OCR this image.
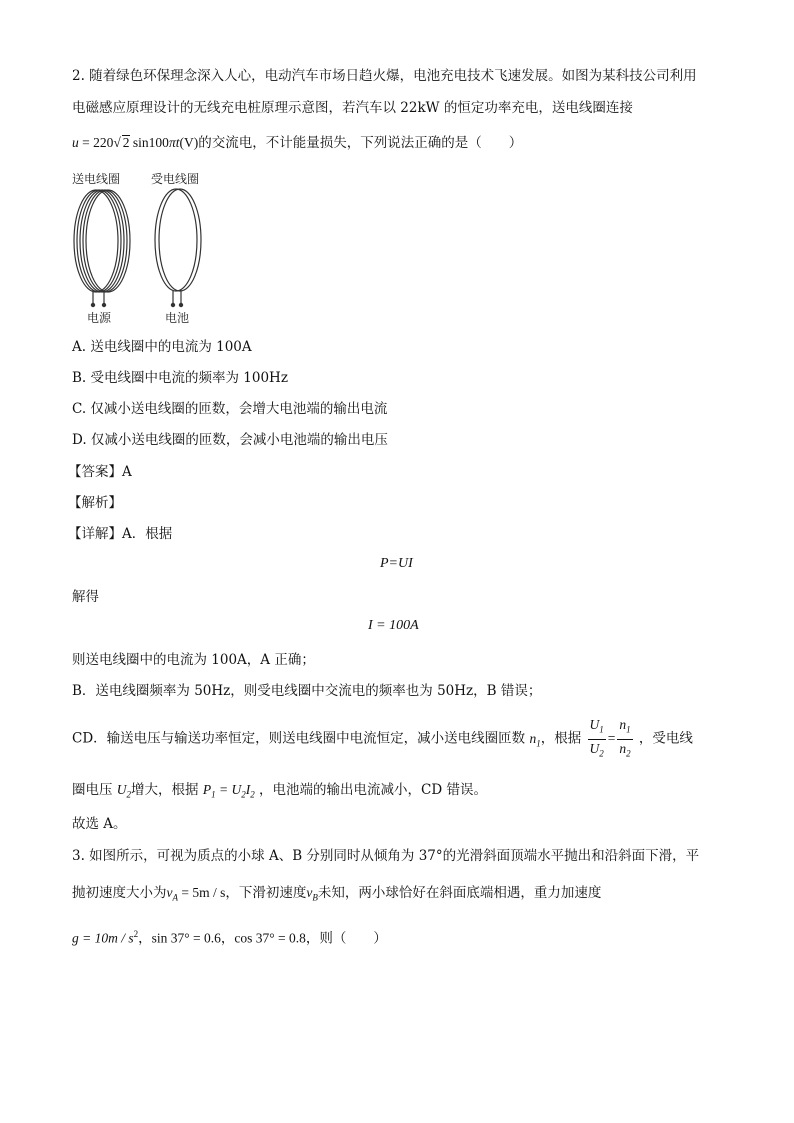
2. 随着绿色环保理念深入人心，电动汽车市场日趋火爆，电池充电技术飞速发展。如图为某科技公司利用
电磁感应原理设计的无线充电桩原理示意图，若汽车以 22kW 的恒定功率充电，送电线圈连接
u = 220√ 2 sin100πt(V)的交流电，不计能量损失，下列说法正确的是（　　）
送电线圈	受电线圈
电源	电池
A. 送电线圈中的电流为 100A
B. 受电线圈中电流的频率为 100Hz
C. 仅减小送电线圈的匝数，会增大电池端的输出电流
D. 仅减小送电线圈的匝数，会减小电池端的输出电压
【答案】A
【解析】
【详解】A．根据
P=UI
解得
I = 100A
则送电线圈中的电流为 100A，A 正确；
B．送电线圈频率为 50Hz，则受电线圈中交流电的频率也为 50Hz，B 错误；
CD．输送电压与输送功率恒定，则送电线圈中电流恒定，减小送电线圈匝数 $n_1$，根据 $\frac{U_1}{U_2} = \frac{n_1}{n_2}$ ，受电线
圈电压 $U_2$增大，根据 $P_1 = U_2I_2$ ，电池端的输出电流减小，CD 错误。
故选 A。
3. 如图所示，可视为质点的小球 A、B 分别同时从倾角为 37°的光滑斜面顶端水平抛出和沿斜面下滑，平
抛初速度大小为$v_A = 5m / s$，下滑初速度$v_B$未知，两小球恰好在斜面底端相遇，重力加速度
$g = 10m / s^2$，sin 37° = 0.6，cos 37° = 0.8，则（　　）
